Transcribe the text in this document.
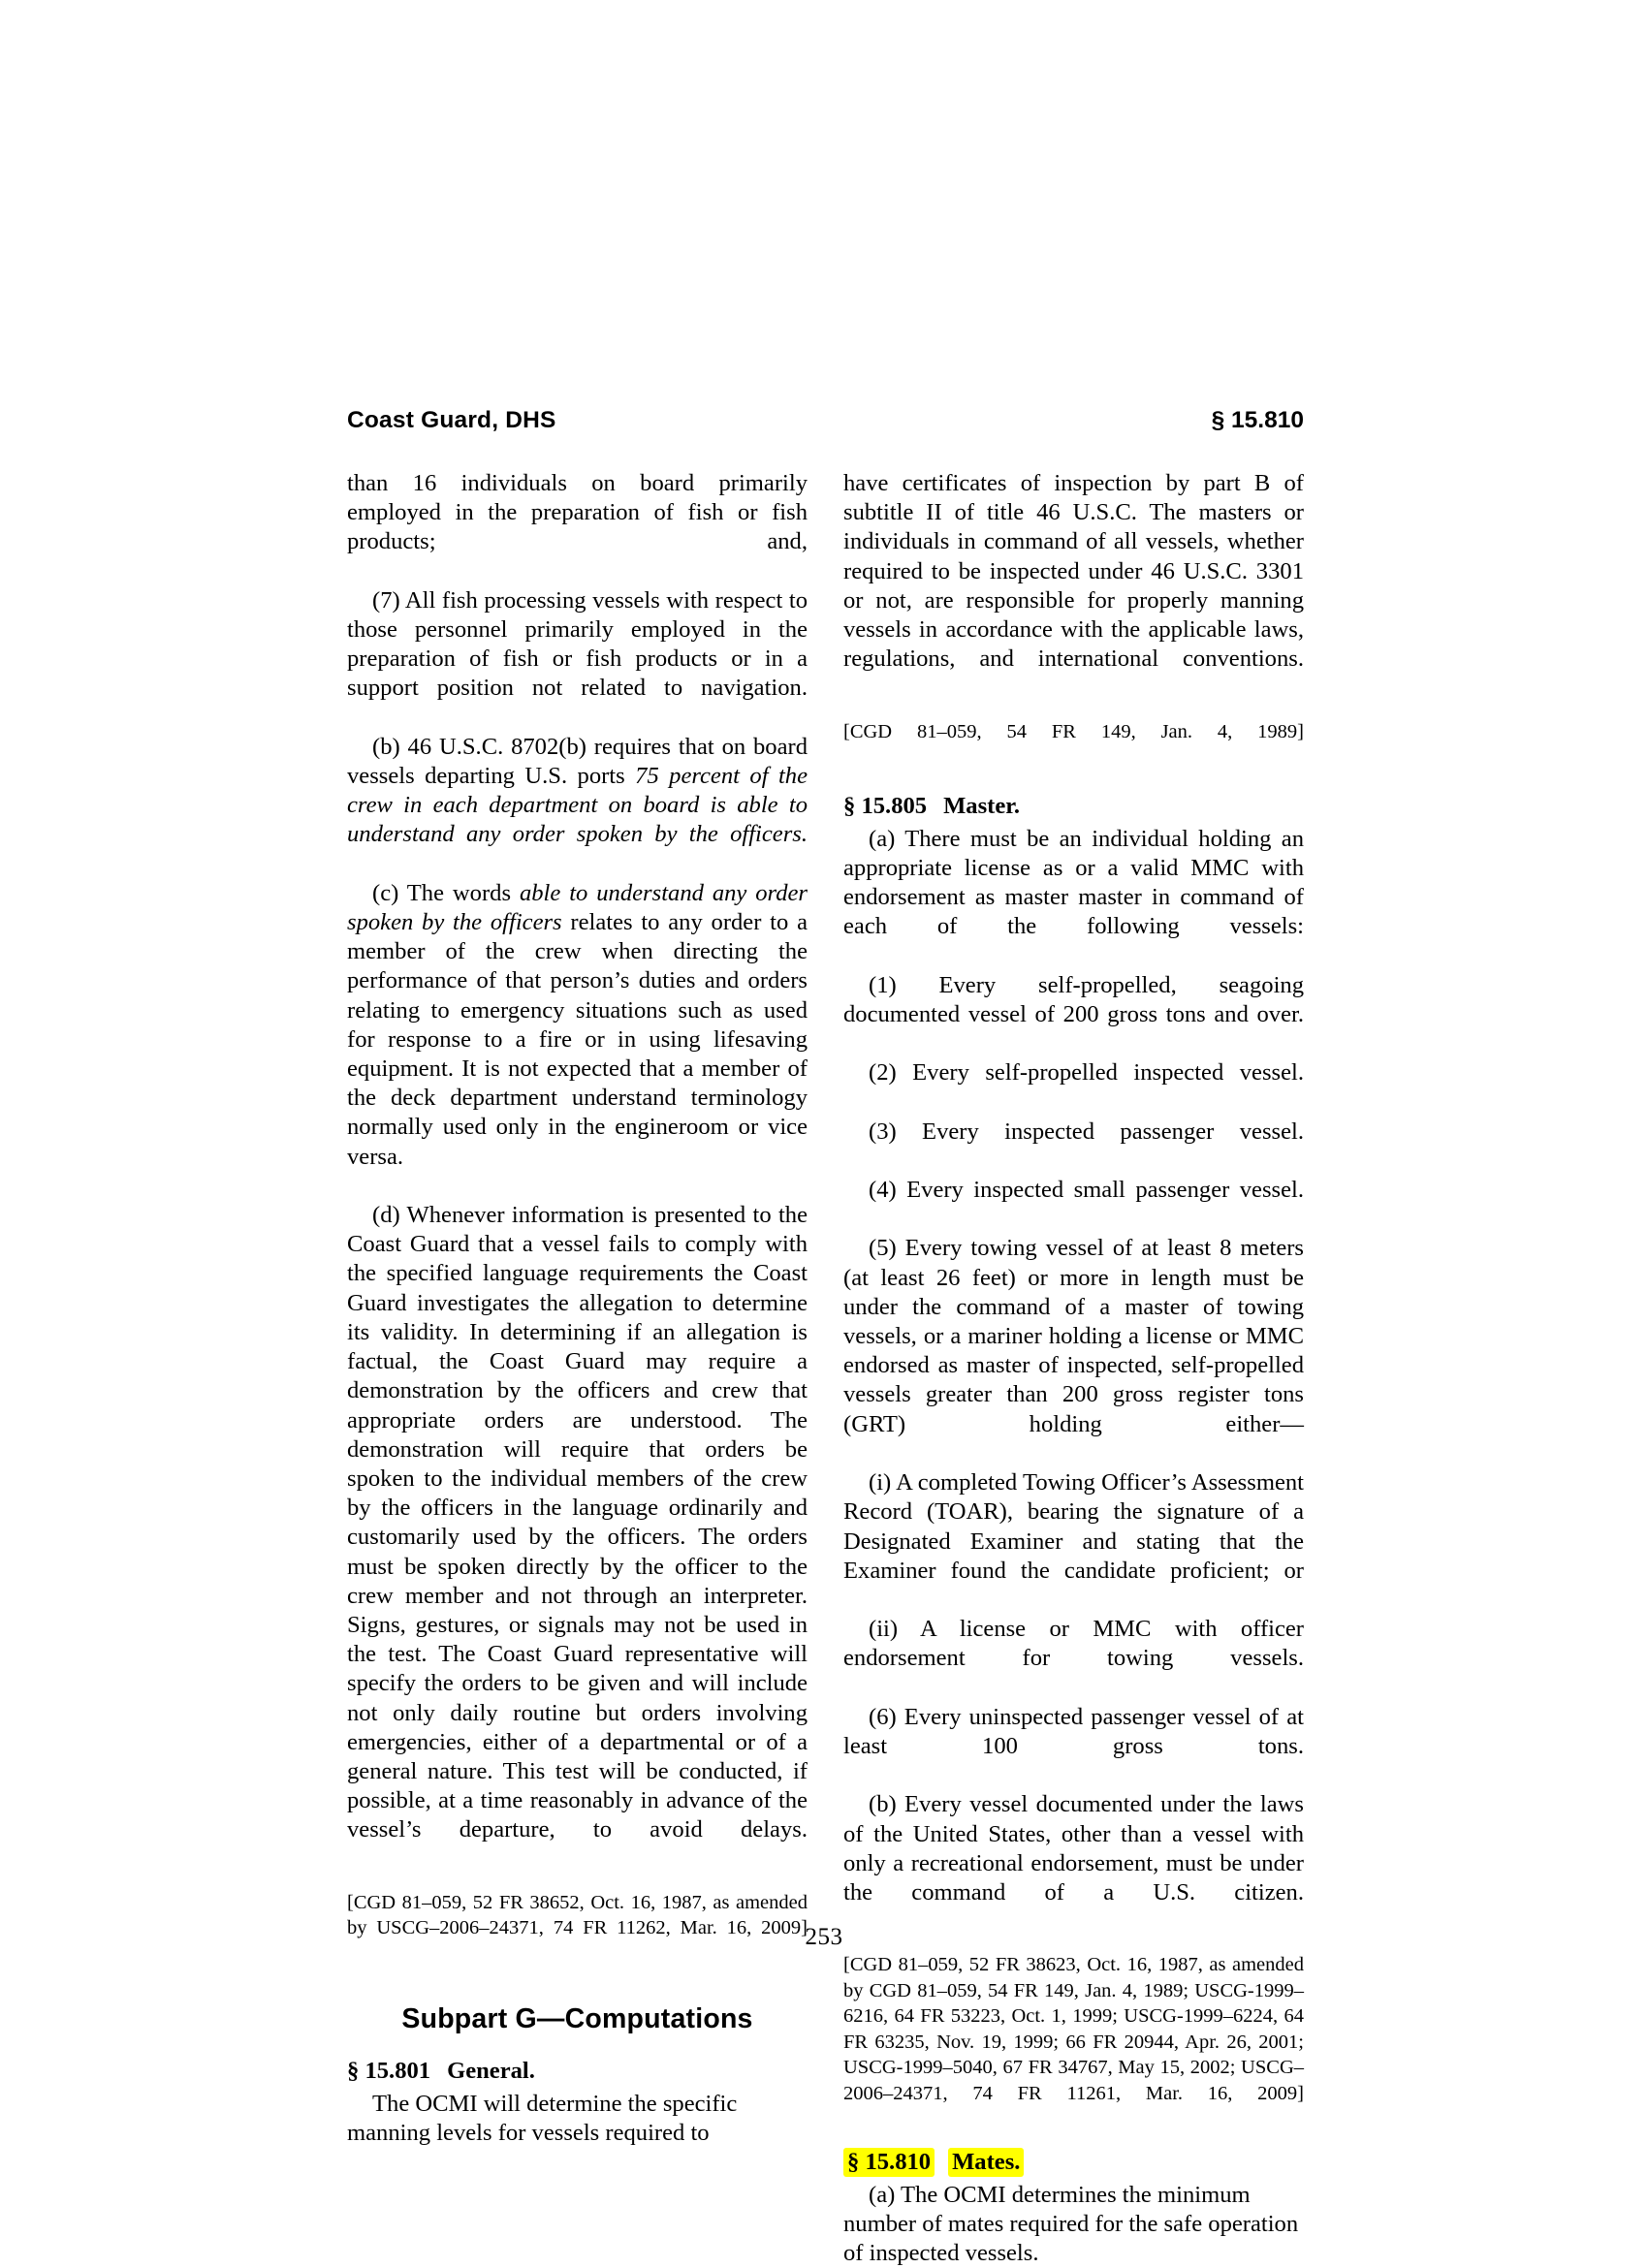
Coast Guard, DHS	§ 15.810

than 16 individuals on board primarily employed in the preparation of fish or fish products; and,

(7) All fish processing vessels with respect to those personnel primarily employed in the preparation of fish or fish products or in a support position not related to navigation.

(b) 46 U.S.C. 8702(b) requires that on board vessels departing U.S. ports 75 percent of the crew in each department on board is able to understand any order spoken by the officers.

(c) The words able to understand any order spoken by the officers relates to any order to a member of the crew when directing the performance of that person’s duties and orders relating to emergency situations such as used for response to a fire or in using lifesaving equipment. It is not expected that a member of the deck department understand terminology normally used only in the engineroom or vice versa.

(d) Whenever information is presented to the Coast Guard that a vessel fails to comply with the specified language requirements the Coast Guard investigates the allegation to determine its validity. In determining if an allegation is factual, the Coast Guard may require a demonstration by the officers and crew that appropriate orders are understood. The demonstration will require that orders be spoken to the individual members of the crew by the officers in the language ordinarily and customarily used by the officers. The orders must be spoken directly by the officer to the crew member and not through an interpreter. Signs, gestures, or signals may not be used in the test. The Coast Guard representative will specify the orders to be given and will include not only daily routine but orders involving emergencies, either of a departmental or of a general nature. This test will be conducted, if possible, at a time reasonably in advance of the vessel’s departure, to avoid delays.

[CGD 81–059, 52 FR 38652, Oct. 16, 1987, as amended by USCG–2006–24371, 74 FR 11262, Mar. 16, 2009]

Subpart G—Computations
§ 15.801 General.

The OCMI will determine the specific manning levels for vessels required to

have certificates of inspection by part B of subtitle II of title 46 U.S.C. The masters or individuals in command of all vessels, whether required to be inspected under 46 U.S.C. 3301 or not, are responsible for properly manning vessels in accordance with the applicable laws, regulations, and international conventions.

[CGD 81–059, 54 FR 149, Jan. 4, 1989]

§ 15.805 Master.

(a) There must be an individual holding an appropriate license as or a valid MMC with endorsement as master master in command of each of the following vessels:

(1) Every self-propelled, seagoing documented vessel of 200 gross tons and over.

(2) Every self-propelled inspected vessel.

(3) Every inspected passenger vessel.

(4) Every inspected small passenger vessel.

(5) Every towing vessel of at least 8 meters (at least 26 feet) or more in length must be under the command of a master of towing vessels, or a mariner holding a license or MMC endorsed as master of inspected, self-propelled vessels greater than 200 gross register tons (GRT) holding either—

(i) A completed Towing Officer’s Assessment Record (TOAR), bearing the signature of a Designated Examiner and stating that the Examiner found the candidate proficient; or

(ii) A license or MMC with officer endorsement for towing vessels.

(6) Every uninspected passenger vessel of at least 100 gross tons.

(b) Every vessel documented under the laws of the United States, other than a vessel with only a recreational endorsement, must be under the command of a U.S. citizen.

[CGD 81–059, 52 FR 38623, Oct. 16, 1987, as amended by CGD 81–059, 54 FR 149, Jan. 4, 1989; USCG-1999–6216, 64 FR 53223, Oct. 1, 1999; USCG-1999–6224, 64 FR 63235, Nov. 19, 1999; 66 FR 20944, Apr. 26, 2001; USCG-1999–5040, 67 FR 34767, May 15, 2002; USCG–2006–24371, 74 FR 11261, Mar. 16, 2009]

§ 15.810 Mates.

(a) The OCMI determines the minimum number of mates required for the safe operation of inspected vessels.

253
